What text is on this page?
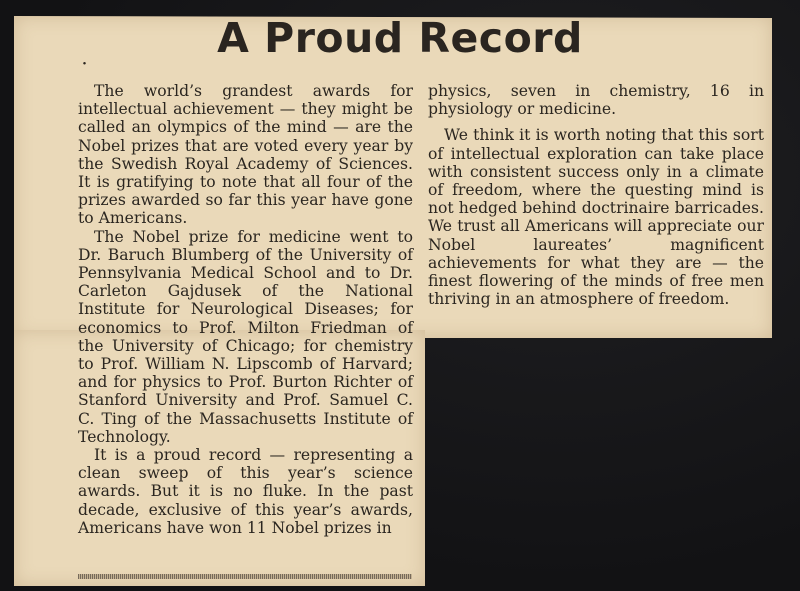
A Proud Record
˙

The world’s grandest awards for intellectual achievement — they might be called an olympics of the mind — are the Nobel prizes that are voted every year by the Swedish Royal Academy of Sciences. It is gratifying to note that all four of the prizes awarded so far this year have gone to Americans.

The Nobel prize for medicine went to Dr. Baruch Blumberg of the University of Pennsylvania Medical School and to Dr. Carleton Gajdusek of the National Institute for Neurological Diseases; for economics to Prof. Milton Friedman of the University of Chicago; for chemistry to Prof. William N. Lipscomb of Harvard; and for physics to Prof. Burton Richter of Stanford University and Prof. Samuel C. C. Ting of the Massachusetts Institute of Technology.

It is a proud record — representing a clean sweep of this year’s science awards. But it is no fluke. In the past decade, exclusive of this year’s awards, Americans have won 11 Nobel prizes in

physics, seven in chemistry, 16 in physiology or medicine.

We think it is worth noting that this sort of intellectual exploration can take place with consistent success only in a climate of freedom, where the questing mind is not hedged behind doctrinaire barricades. We trust all Americans will appreciate our Nobel laureates’ magnificent achievements for what they are — the finest flowering of the minds of free men thriving in an atmosphere of freedom.
